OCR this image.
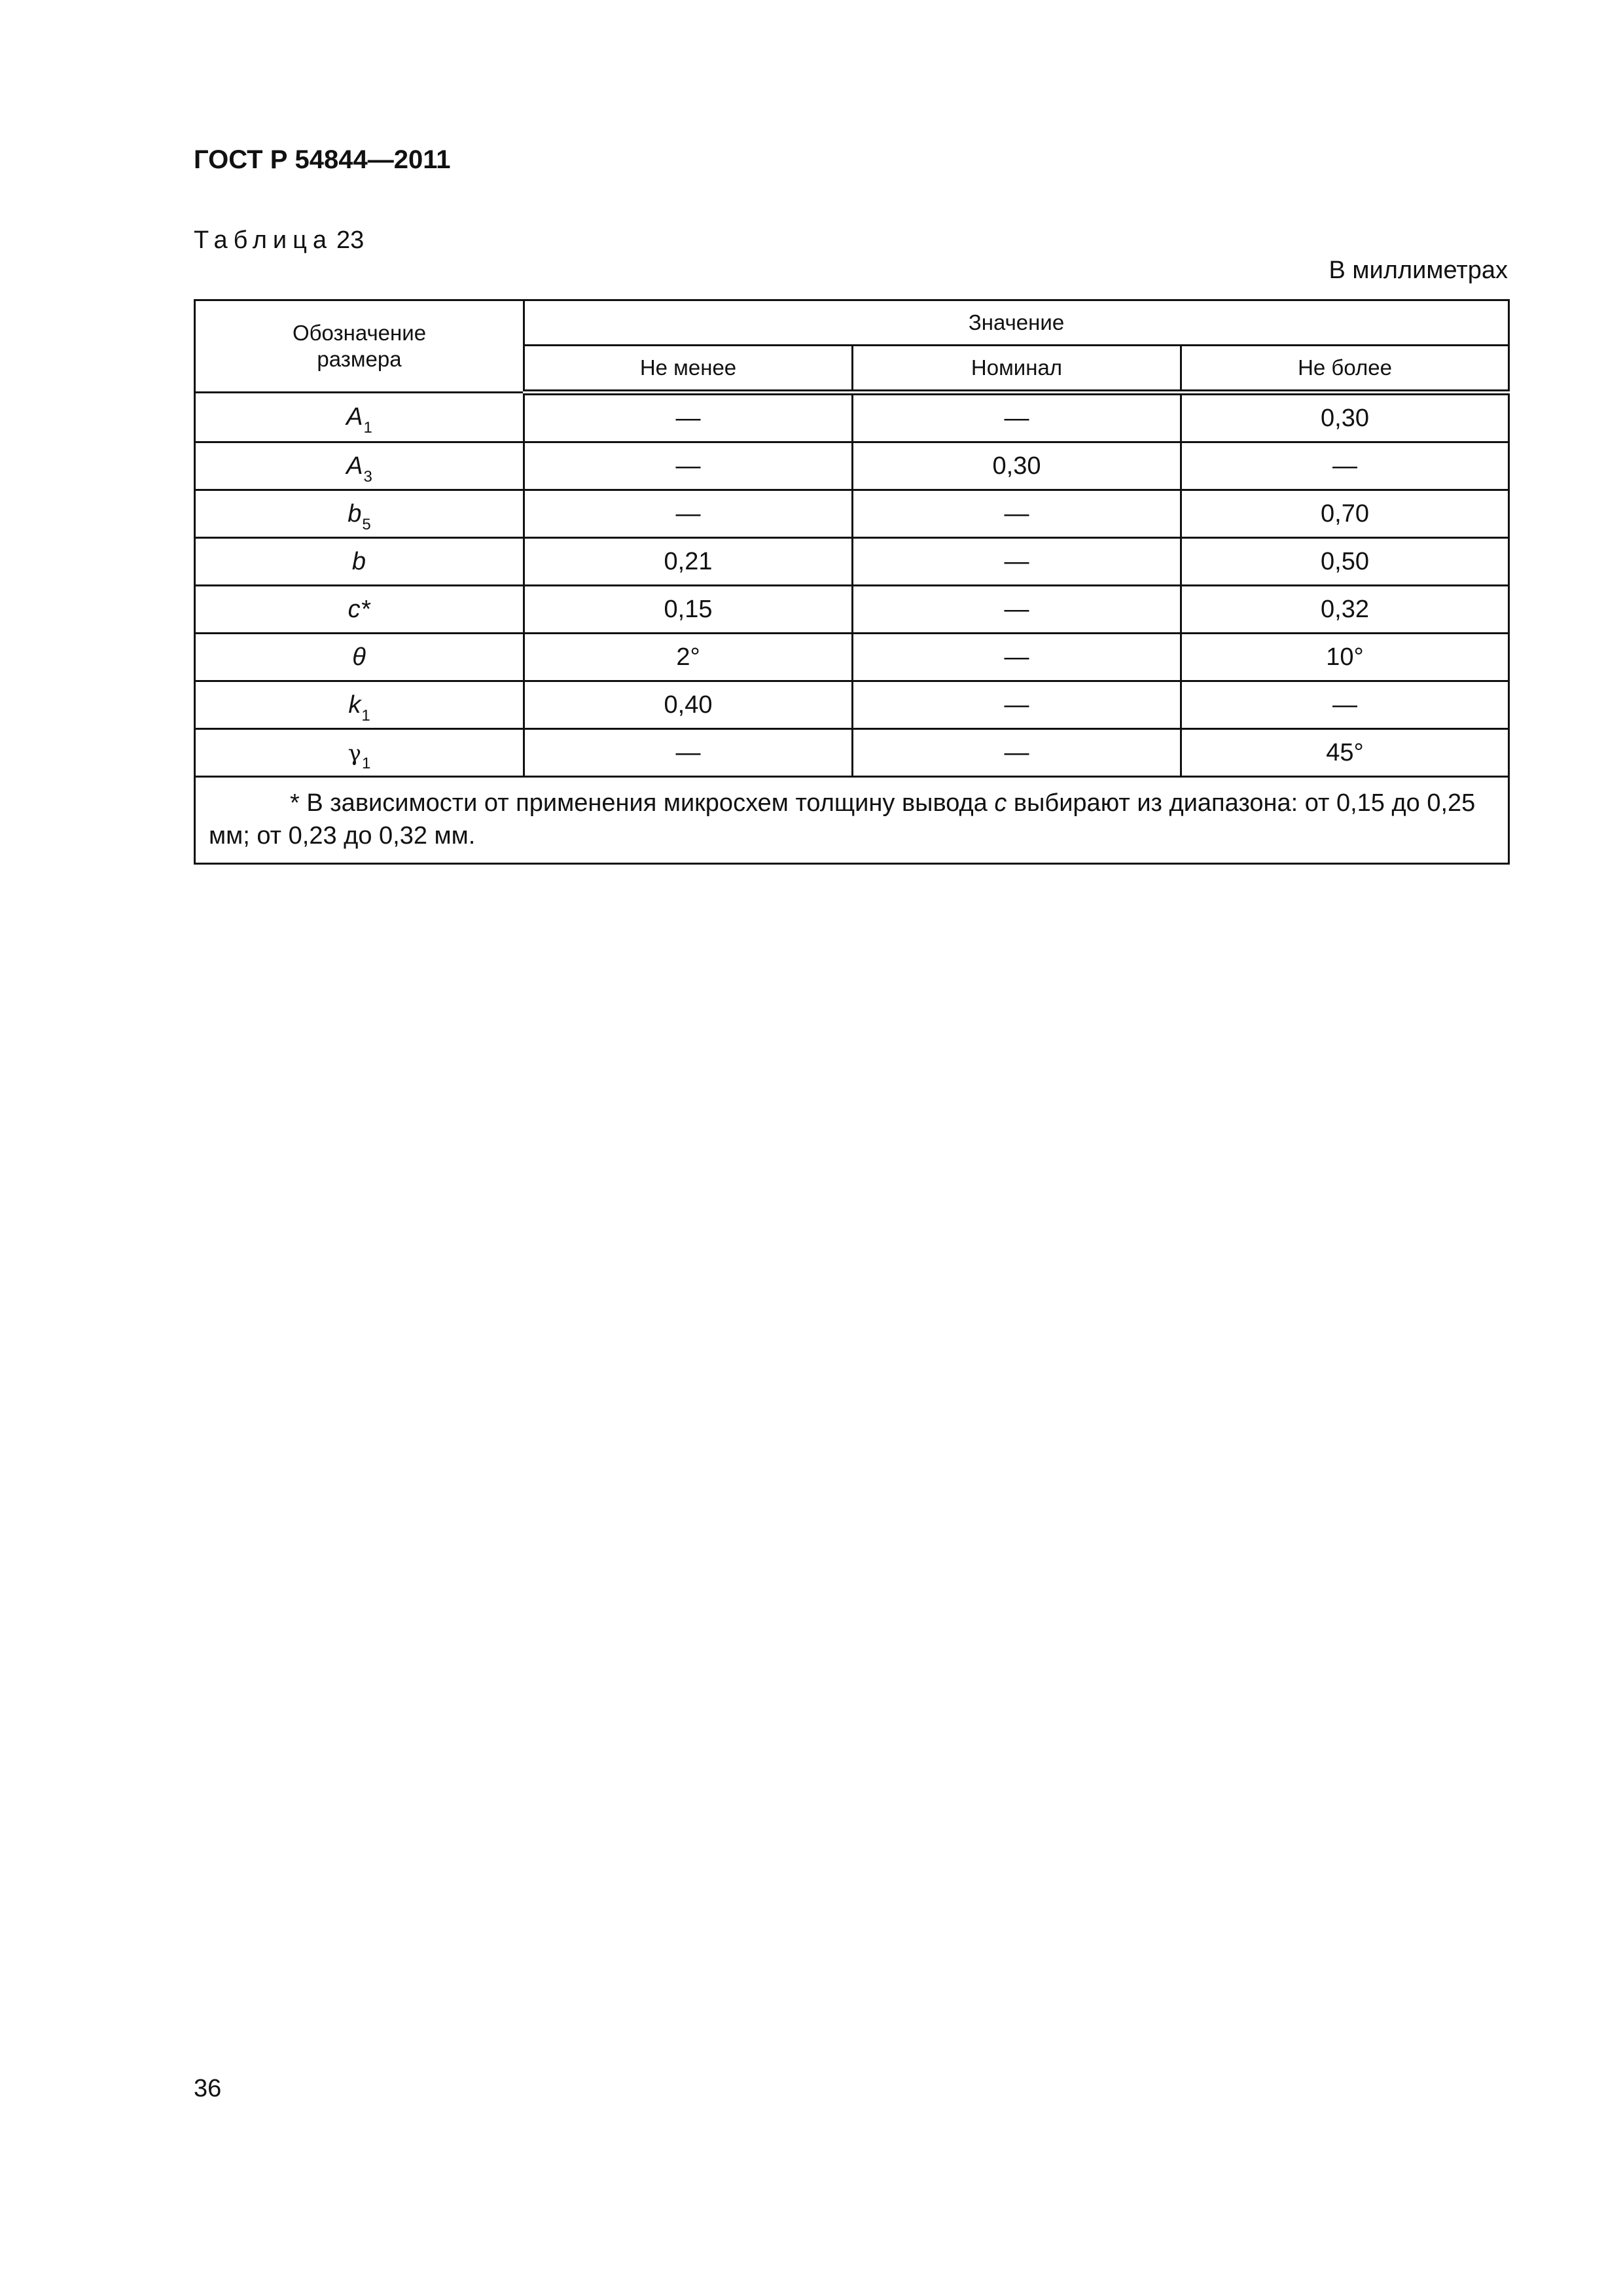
ГОСТ Р 54844—2011
Таблица 23
В миллиметрах
Обозначение размера	Значение		
	Не менее	Номинал	Не более
$A_1$	—	—	0,30
$A_3$	—	0,30	—
$b_5$	—	—	0,70
b	0,21	—	0,50
c*	0,15	—	0,32
θ	2°	—	10°
$k_1$	0,40	—	—
$\gamma_1$	—	—	45°
* В зависимости от применения микросхем толщину вывода c выбирают из диапазона: от 0,15 до 0,25 мм; от 0,23 до 0,32 мм.			
36
